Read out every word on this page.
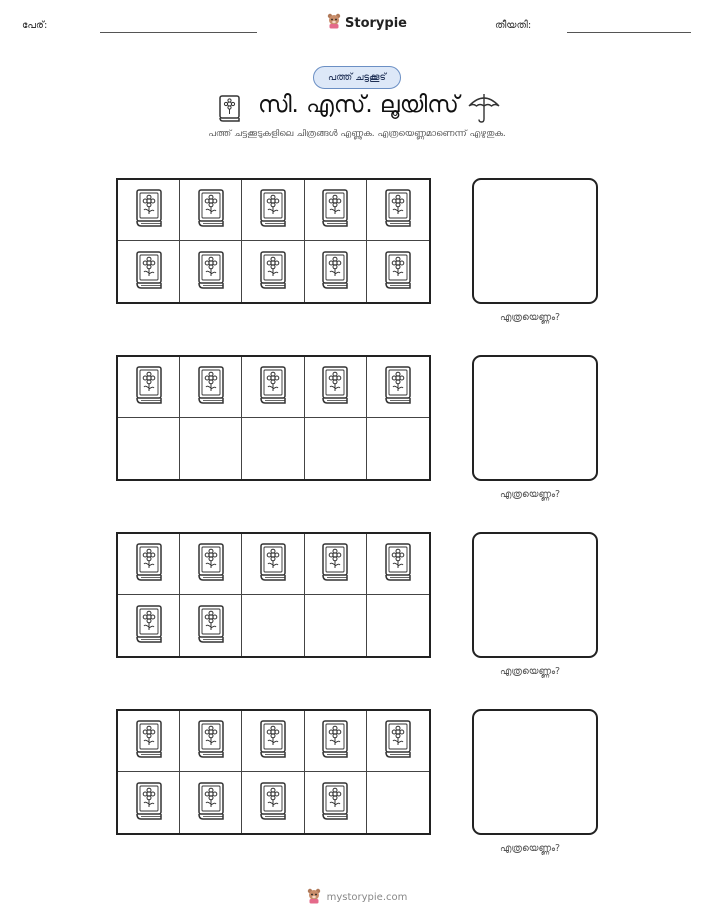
പേര്:	Storypie	തീയതി:
പത്ത് ചട്ടക്കൂട്
സി. എസ്. ലൂയിസ്
പത്ത് ചട്ടക്കൂടുകളിലെ ചിത്രങ്ങൾ എണ്ണുക. എത്രയെണ്ണമാണെന്ന് എഴുതുക.
എത്രയെണ്ണം?
എത്രയെണ്ണം?
എത്രയെണ്ണം?
എത്രയെണ്ണം?
mystorypie.com
